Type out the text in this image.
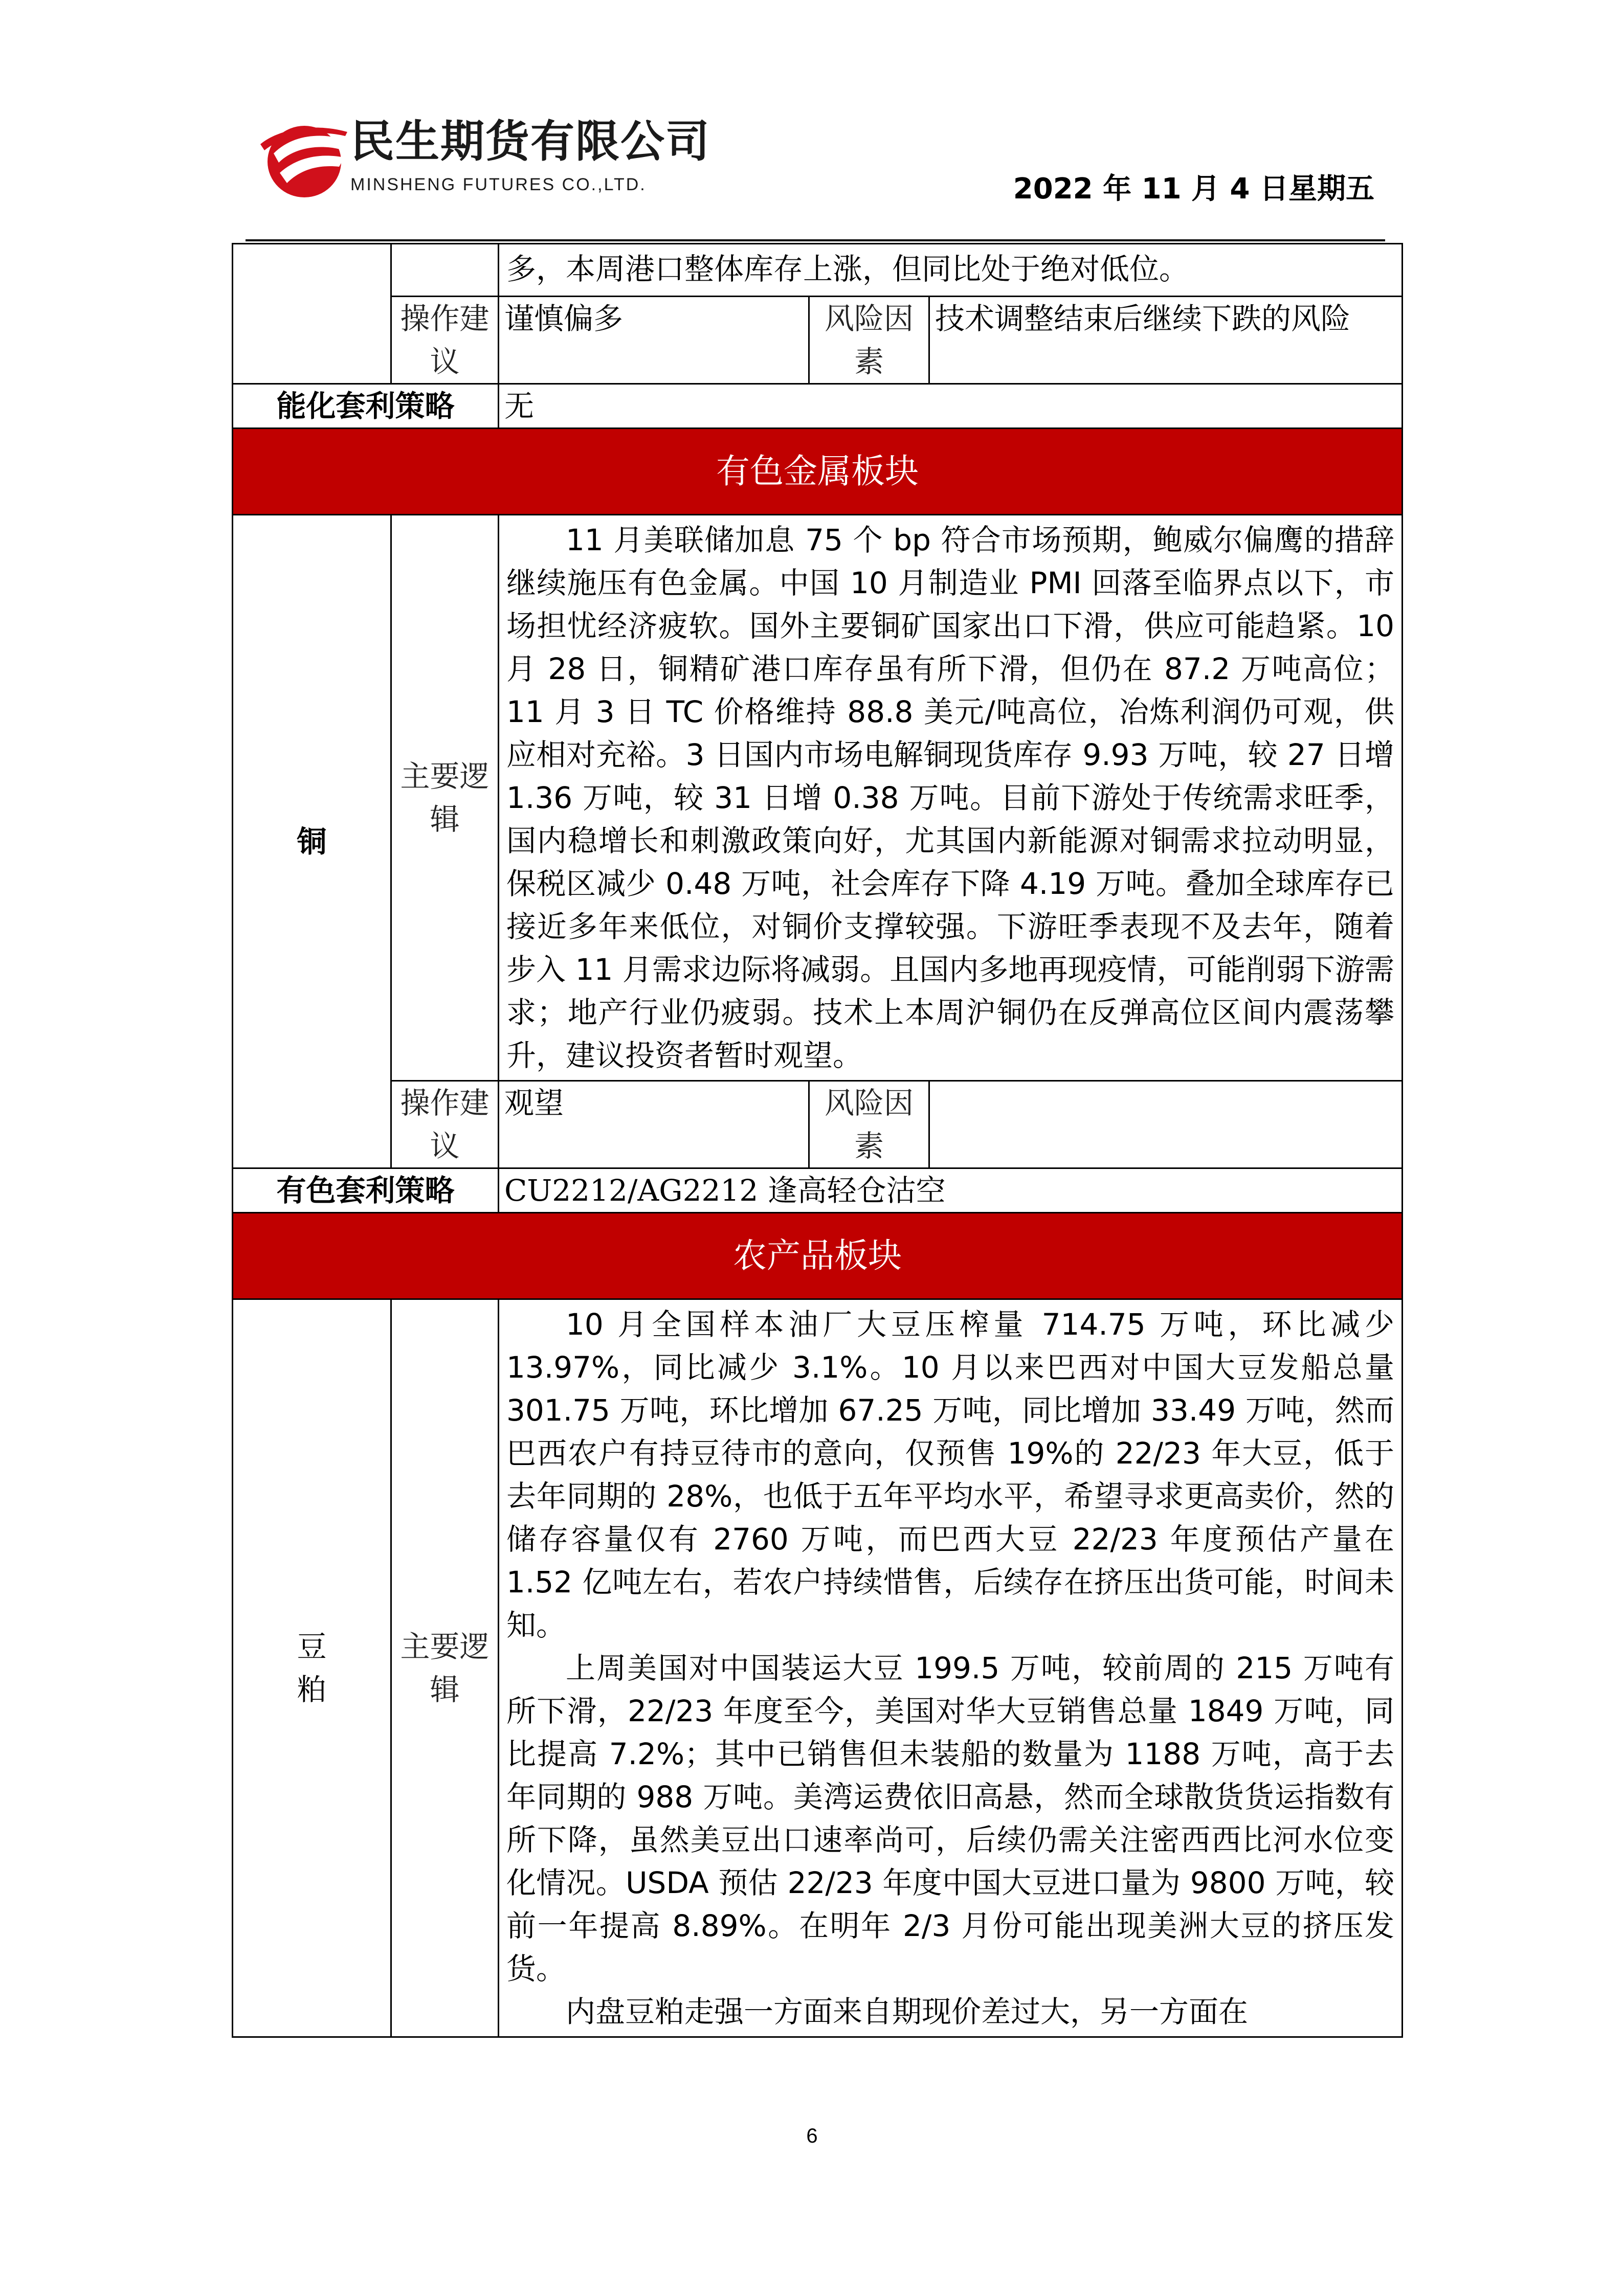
民生期货有限公司
MINSHENG FUTURES CO.,LTD.	2022 年 11 月 4 日星期五
		多，本周港口整体库存上涨，但同比处于绝对低位。		
	操作建议	谨慎偏多	风险因素	技术调整结束后继续下跌的风险
能化套利策略		无		
有色金属板块				
铜	主要逻辑	11 月美联储加息 75 个 bp 符合市场预期，鲍威尔偏鹰的措辞继续施压有色金属。中国 10 月制造业 PMI 回落至临界点以下，市场担忧经济疲软。国外主要铜矿国家出口下滑，供应可能趋紧。10 月 28 日，铜精矿港口库存虽有所下滑，但仍在 87.2 万吨高位；11 月 3 日 TC 价格维持 88.8 美元/吨高位，冶炼利润仍可观，供应相对充裕。3 日国内市场电解铜现货库存 9.93 万吨，较 27 日增 1.36 万吨，较 31 日增 0.38 万吨。目前下游处于传统需求旺季，国内稳增长和刺激政策向好，尤其国内新能源对铜需求拉动明显，保税区减少 0.48 万吨，社会库存下降 4.19 万吨。叠加全球库存已接近多年来低位，对铜价支撑较强。下游旺季表现不及去年，随着步入 11 月需求边际将减弱。且国内多地再现疫情，可能削弱下游需求；地产行业仍疲弱。技术上本周沪铜仍在反弹高位区间内震荡攀升，建议投资者暂时观望。		

	操作建议	观望	风险因素	
有色套利策略		CU2212/AG2212 逢高轻仓沽空		
农产品板块				

豆粕	主要逻辑	10 月全国样本油厂大豆压榨量 714.75 万吨，环比减少 13.97%，同比减少 3.1%。10 月以来巴西对中国大豆发船总量 301.75 万吨，环比增加 67.25 万吨，同比增加 33.49 万吨，然而巴西农户有持豆待市的意向，仅预售 19%的 22/23 年大豆，低于去年同期的 28%，也低于五年平均水平，希望寻求更高卖价，然的储存容量仅有 2760 万吨，而巴西大豆 22/23 年度预估产量在 1.52 亿吨左右，若农户持续惜售，后续存在挤压出货可能，时间未知。

上周美国对中国装运大豆 199.5 万吨，较前周的 215 万吨有所下滑，22/23 年度至今，美国对华大豆销售总量 1849 万吨，同比提高 7.2%；其中已销售但未装船的数量为 1188 万吨，高于去年同期的 988 万吨。美湾运费依旧高悬，然而全球散货货运指数有所下降，虽然美豆出口速率尚可，后续仍需关注密西西比河水位变化情况。USDA 预估 22/23 年度中国大豆进口量为 9800 万吨，较前一年提高 8.89%。在明年 2/3 月份可能出现美洲大豆的挤压发货。

内盘豆粕走强一方面来自期现价差过大，另一方面在		

6
